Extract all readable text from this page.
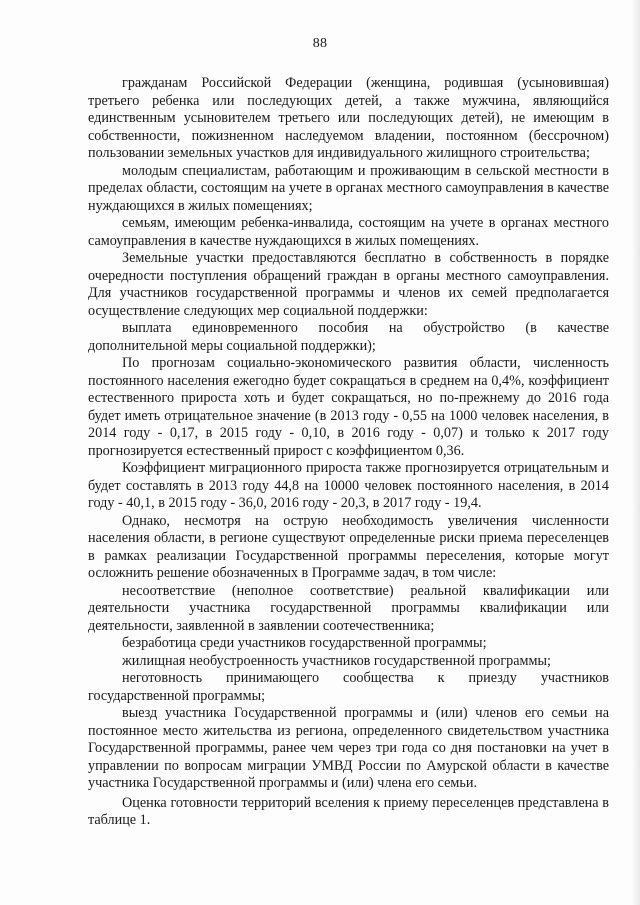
88

гражданам Российской Федерации (женщина, родившая (усыновившая) третьего ребенка или последующих детей, а также мужчина, являющийся единственным усыновителем третьего или последующих детей), не имеющим в собственности, пожизненном наследуемом владении, постоянном (бессрочном) пользовании земельных участков для индивидуального жилищного строительства;

молодым специалистам, работающим и проживающим в сельской местности в пределах области, состоящим на учете в органах местного самоуправления в качестве нуждающихся в жилых помещениях;

семьям, имеющим ребенка-инвалида, состоящим на учете в органах местного самоуправления в качестве нуждающихся в жилых помещениях.

Земельные участки предоставляются бесплатно в собственность в порядке очередности поступления обращений граждан в органы местного самоуправления. Для участников государственной программы и членов их семей предполагается осуществление следующих мер социальной поддержки:

выплата единовременного пособия на обустройство (в качестве дополнительной меры социальной поддержки);

По прогнозам социально-экономического развития области, численность постоянного населения ежегодно будет сокращаться в среднем на 0,4%, коэффициент естественного прироста хоть и будет сокращаться, но по-прежнему до 2016 года будет иметь отрицательное значение (в 2013 году - 0,55 на 1000 человек населения, в 2014 году - 0,17, в 2015 году - 0,10, в 2016 году - 0,07) и только к 2017 году прогнозируется естественный прирост с коэффициентом 0,36.

Коэффициент миграционного прироста также прогнозируется отрицательным и будет составлять в 2013 году 44,8 на 10000 человек постоянного населения, в 2014 году - 40,1, в 2015 году - 36,0, 2016 году - 20,3, в 2017 году - 19,4.

Однако, несмотря на острую необходимость увеличения численности населения области, в регионе существуют определенные риски приема переселенцев в рамках реализации Государственной программы переселения, которые могут осложнить решение обозначенных в Программе задач, в том числе:

несоответствие (неполное соответствие) реальной квалификации или деятельности участника государственной программы квалификации или деятельности, заявленной в заявлении соотечественника;

безработица среди участников государственной программы;

жилищная необустроенность участников государственной программы;

неготовность принимающего сообщества к приезду участников государственной программы;

выезд участника Государственной программы и (или) членов его семьи на постоянное место жительства из региона, определенного свидетельством участника Государственной программы, ранее чем через три года со дня постановки на учет в управлении по вопросам миграции УМВД России по Амурской области в качестве участника Государственной программы и (или) члена его семьи.

Оценка готовности территорий вселения к приему переселенцев представлена в таблице 1.
